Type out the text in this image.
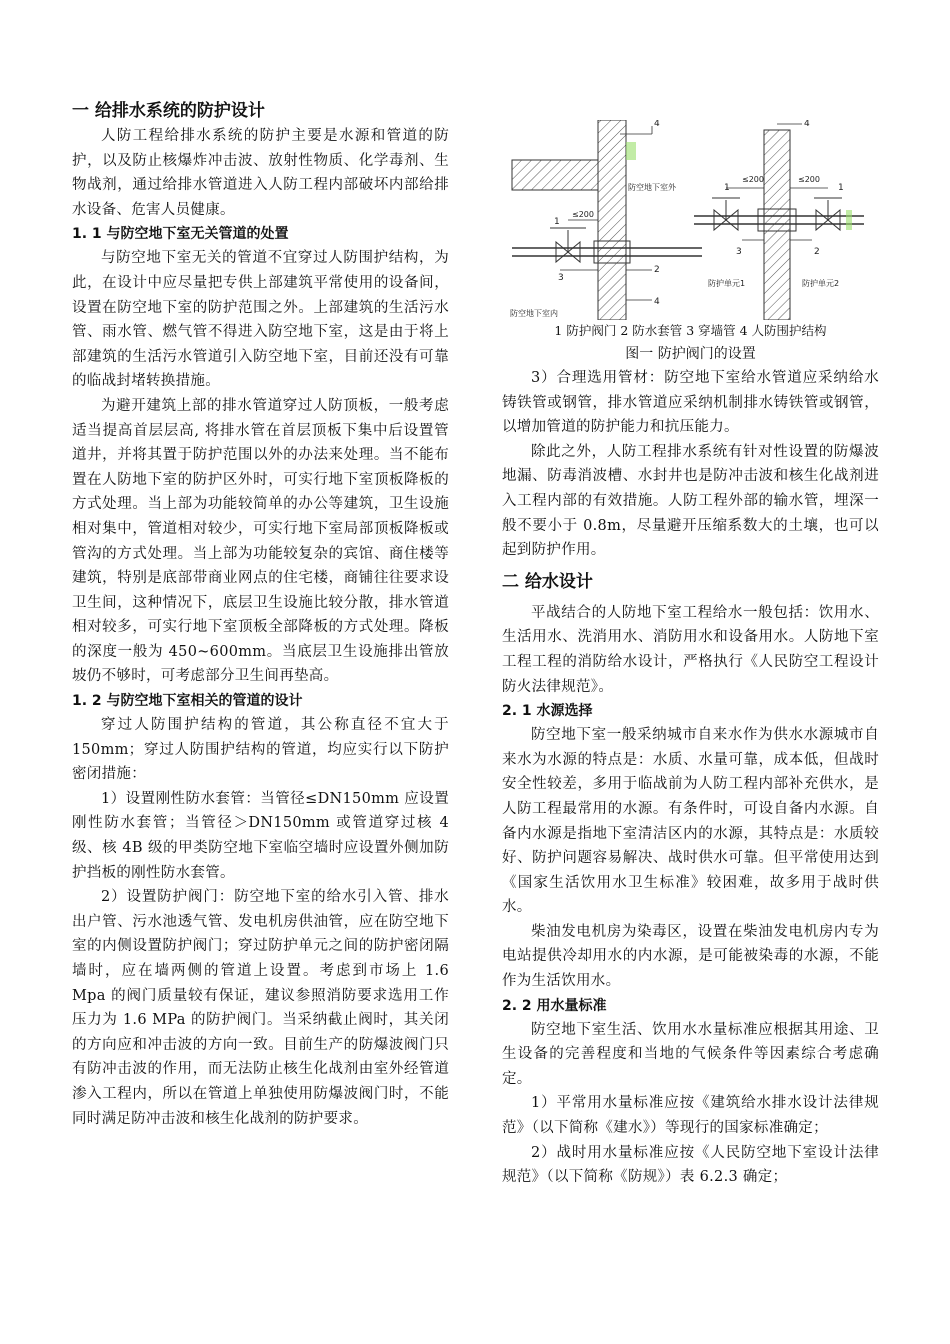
一 给排水系统的防护设计

人防工程给排水系统的防护主要是水源和管道的防护，以及防止核爆炸冲击波、放射性物质、化学毒剂、生物战剂，通过给排水管道进入人防工程内部破坏内部给排水设备、危害人员健康。

1. 1 与防空地下室无关管道的处置

与防空地下室无关的管道不宜穿过人防围护结构，为此，在设计中应尽量把专供上部建筑平常使用的设备间，设置在防空地下室的防护范围之外。上部建筑的生活污水管、雨水管、燃气管不得进入防空地下室，这是由于将上部建筑的生活污水管道引入防空地下室，目前还没有可靠的临战封堵转换措施。

为避开建筑上部的排水管道穿过人防顶板，一般考虑适当提高首层层高, 将排水管在首层顶板下集中后设置管道井，并将其置于防护范围以外的办法来处理。当不能布置在人防地下室的防护区外时，可实行地下室顶板降板的方式处理。当上部为功能较简单的办公等建筑，卫生设施相对集中，管道相对较少，可实行地下室局部顶板降板或管沟的方式处理。当上部为功能较复杂的宾馆、商住楼等建筑，特别是底部带商业网点的住宅楼，商铺往往要求设卫生间，这种情况下，底层卫生设施比较分散，排水管道相对较多，可实行地下室顶板全部降板的方式处理。降板的深度一般为 450~600mm。当底层卫生设施排出管放坡仍不够时，可考虑部分卫生间再垫高。

1. 2 与防空地下室相关的管道的设计

穿过人防围护结构的管道，其公称直径不宜大于 150mm；穿过人防围护结构的管道，均应实行以下防护密闭措施：

1）设置刚性防水套管：当管径≤DN150mm 应设置刚性防水套管；当管径＞DN150mm 或管道穿过核 4 级、核 4B 级的甲类防空地下室临空墙时应设置外侧加防护挡板的刚性防水套管。

2）设置防护阀门：防空地下室的给水引入管、排水出户管、污水池透气管、发电机房供油管，应在防空地下室的内侧设置防护阀门；穿过防护单元之间的防护密闭隔墙时，应在墙两侧的管道上设置。考虑到市场上 1.6 Mpa 的阀门质量较有保证，建议参照消防要求选用工作压力为 1.6 MPa 的防护阀门。当采纳截止阀时，其关闭的方向应和冲击波的方向一致。目前生产的防爆波阀门只有防冲击波的作用，而无法防止核生化战剂由室外经管道渗入工程内，所以在管道上单独使用防爆波阀门时，不能同时满足防冲击波和核生化战剂的防护要求。

4
防空地下室外
1
≤200
2
3
4
防空地下室内
4
1
≤200	≤200
1
3	2
防护单元1	防护单元2

1 防护阀门 2 防水套管 3 穿墙管 4 人防围护结构

图一 防护阀门的设置

3）合理选用管材：防空地下室给水管道应采纳给水铸铁管或钢管，排水管道应采纳机制排水铸铁管或钢管，以增加管道的防护能力和抗压能力。

除此之外，人防工程排水系统有针对性设置的防爆波地漏、防毒消波槽、水封井也是防冲击波和核生化战剂进入工程内部的有效措施。人防工程外部的输水管，埋深一般不要小于 0.8m，尽量避开压缩系数大的土壤，也可以起到防护作用。

二 给水设计

平战结合的人防地下室工程给水一般包括：饮用水、生活用水、洗消用水、消防用水和设备用水。人防地下室工程工程的消防给水设计，严格执行《人民防空工程设计防火法律规范》。

2. 1 水源选择

防空地下室一般采纳城市自来水作为供水水源城市自来水为水源的特点是：水质、水量可靠，成本低，但战时安全性较差，多用于临战前为人防工程内部补充供水，是人防工程最常用的水源。有条件时，可设自备内水源。自备内水源是指地下室清洁区内的水源，其特点是：水质较好、防护问题容易解决、战时供水可靠。但平常使用达到《国家生活饮用水卫生标准》较困难，故多用于战时供水。

柴油发电机房为染毒区，设置在柴油发电机房内专为电站提供冷却用水的内水源，是可能被染毒的水源，不能作为生活饮用水。

2. 2 用水量标准

防空地下室生活、饮用水水量标准应根据其用途、卫生设备的完善程度和当地的气候条件等因素综合考虑确定。

1）平常用水量标准应按《建筑给水排水设计法律规范》（以下简称《建水》）等现行的国家标准确定；

2）战时用水量标准应按《人民防空地下室设计法律规范》（以下简称《防规》）表 6.2.3 确定；
